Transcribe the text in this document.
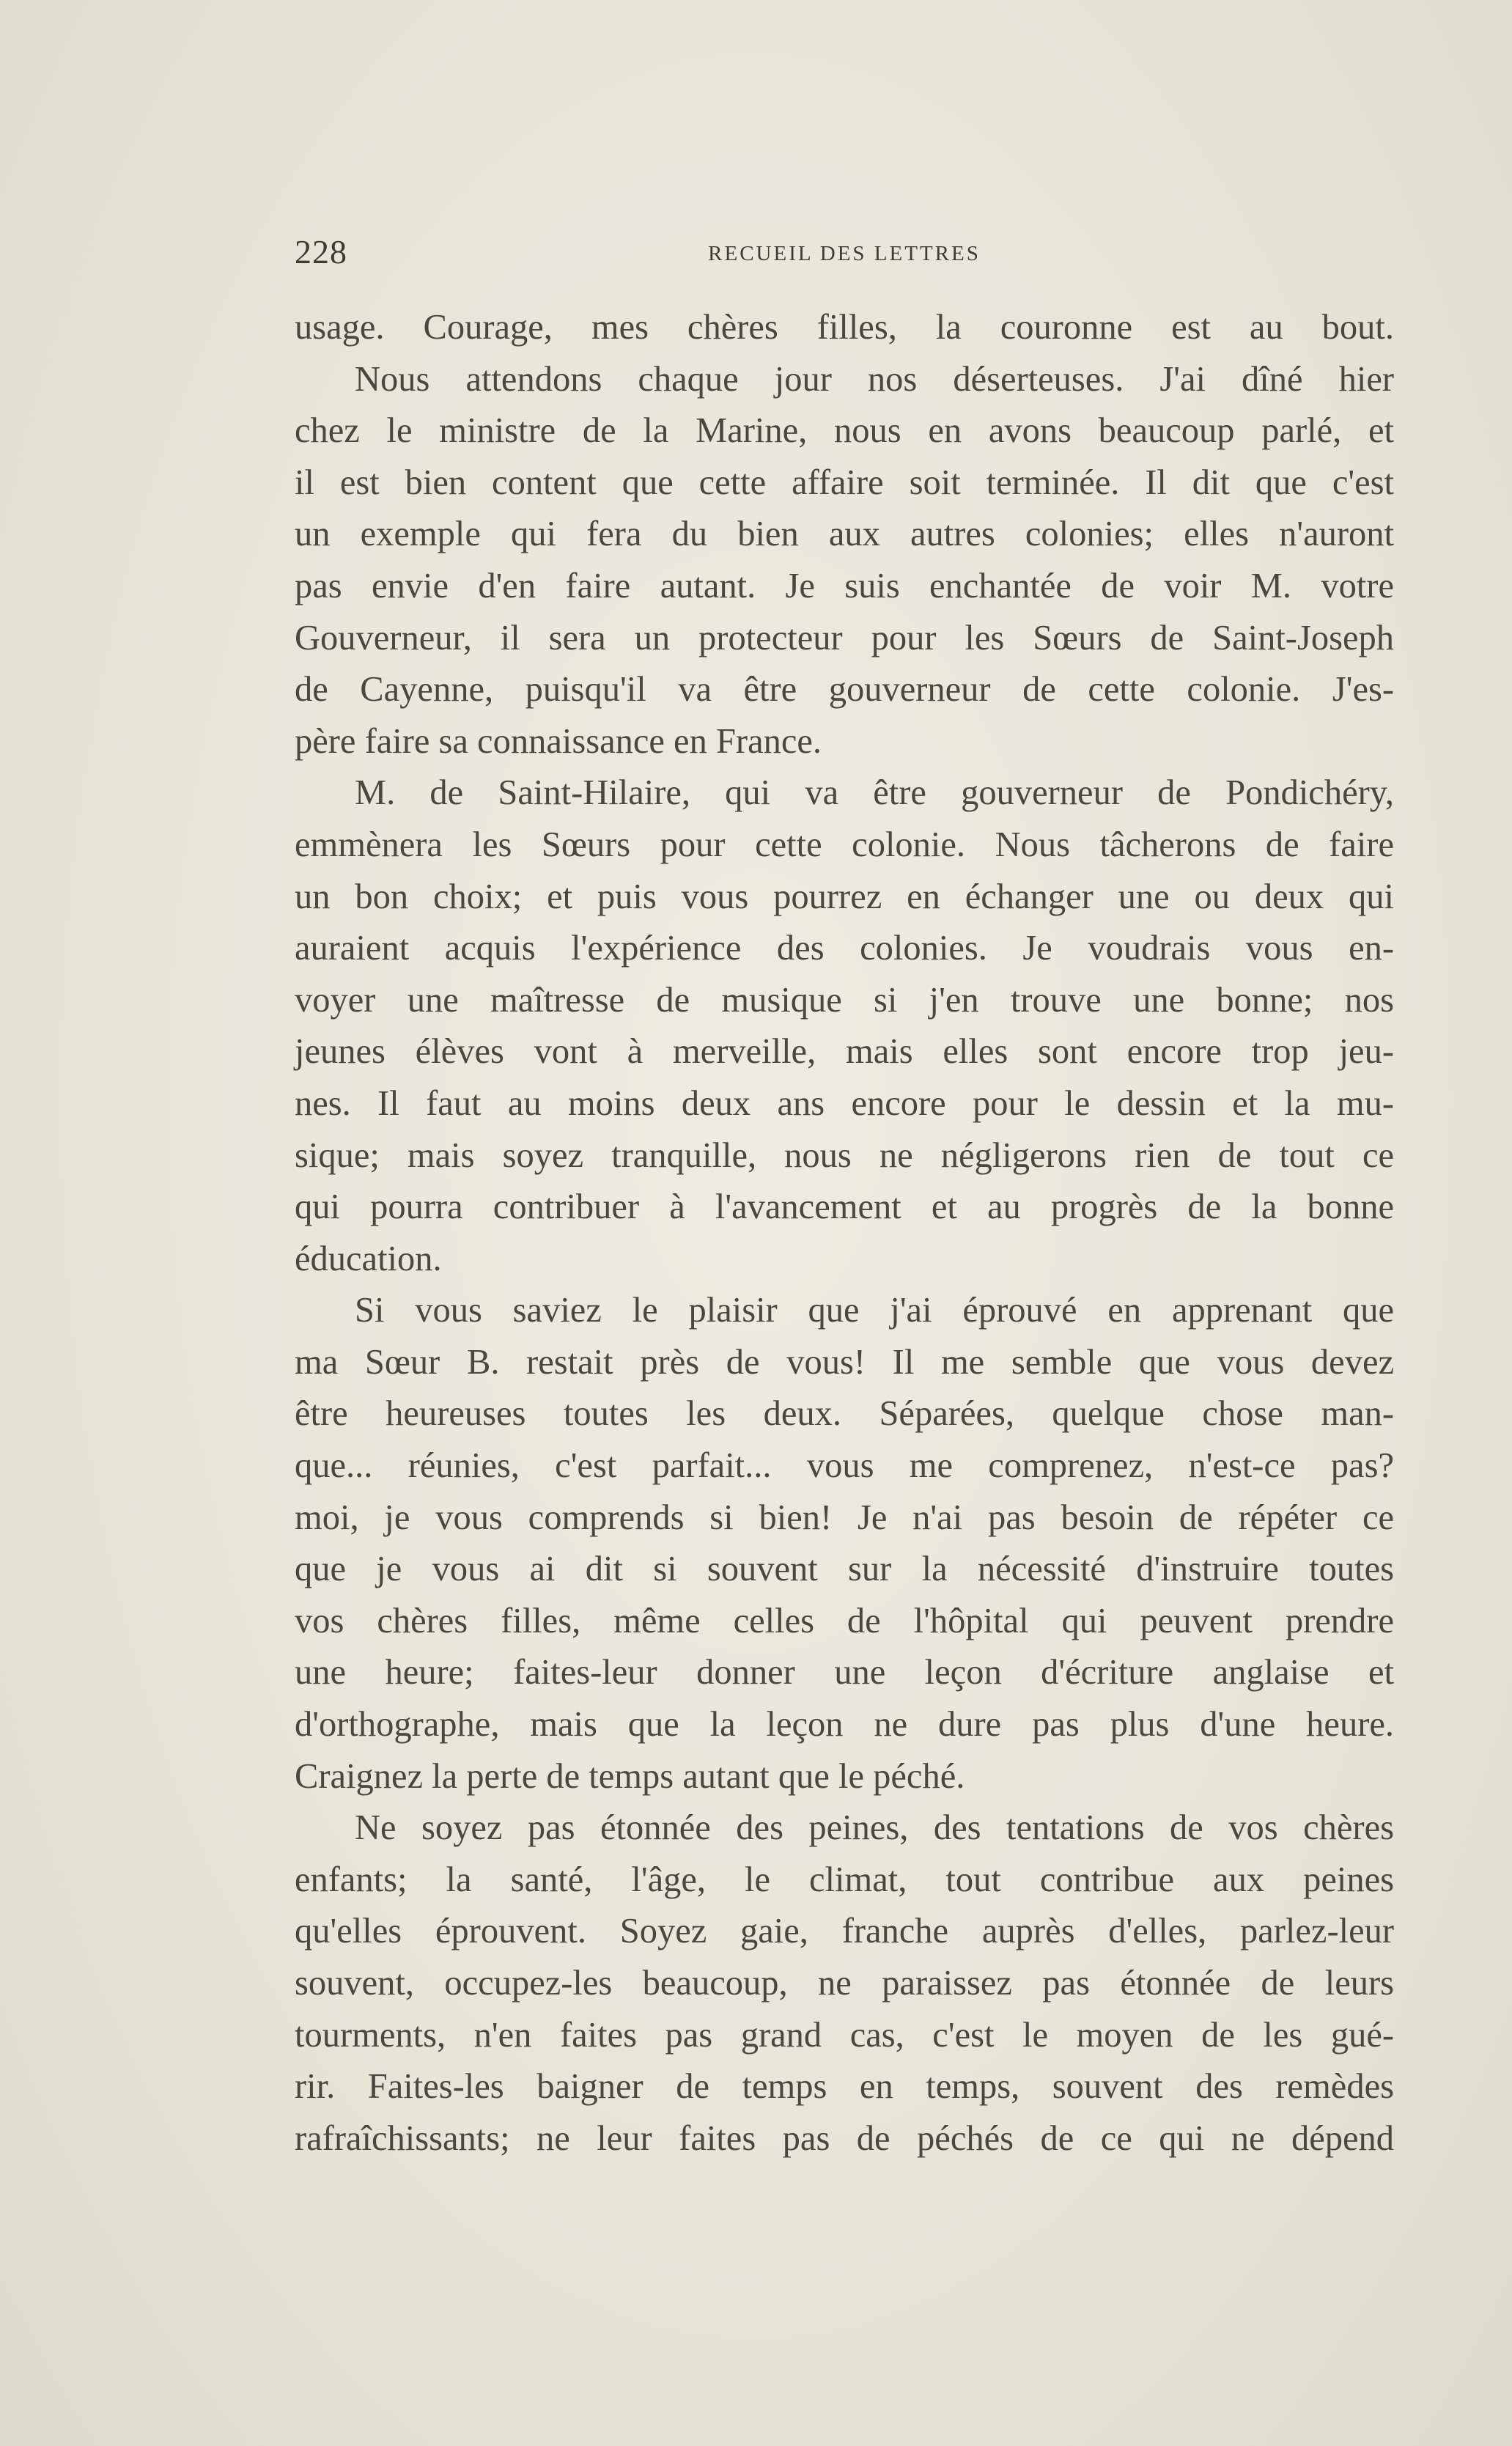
228	RECUEIL DES LETTRES
usage. Courage, mes chères filles, la couronne est au bout.
Nous attendons chaque jour nos déserteuses. J'ai dîné hier
chez le ministre de la Marine, nous en avons beaucoup parlé, et
il est bien content que cette affaire soit terminée. Il dit que c'est
un exemple qui fera du bien aux autres colonies; elles n'auront
pas envie d'en faire autant. Je suis enchantée de voir M. votre
Gouverneur, il sera un protecteur pour les Sœurs de Saint-Joseph
de Cayenne, puisqu'il va être gouverneur de cette colonie. J'es-
père faire sa connaissance en France.
M. de Saint-Hilaire, qui va être gouverneur de Pondichéry,
emmènera les Sœurs pour cette colonie. Nous tâcherons de faire
un bon choix; et puis vous pourrez en échanger une ou deux qui
auraient acquis l'expérience des colonies. Je voudrais vous en-
voyer une maîtresse de musique si j'en trouve une bonne; nos
jeunes élèves vont à merveille, mais elles sont encore trop jeu-
nes. Il faut au moins deux ans encore pour le dessin et la mu-
sique; mais soyez tranquille, nous ne négligerons rien de tout ce
qui pourra contribuer à l'avancement et au progrès de la bonne
éducation.
Si vous saviez le plaisir que j'ai éprouvé en apprenant que
ma Sœur B. restait près de vous! Il me semble que vous devez
être heureuses toutes les deux. Séparées, quelque chose man-
que... réunies, c'est parfait... vous me comprenez, n'est-ce pas?
moi, je vous comprends si bien! Je n'ai pas besoin de répéter ce
que je vous ai dit si souvent sur la nécessité d'instruire toutes
vos chères filles, même celles de l'hôpital qui peuvent prendre
une heure; faites-leur donner une leçon d'écriture anglaise et
d'orthographe, mais que la leçon ne dure pas plus d'une heure.
Craignez la perte de temps autant que le péché.
Ne soyez pas étonnée des peines, des tentations de vos chères
enfants; la santé, l'âge, le climat, tout contribue aux peines
qu'elles éprouvent. Soyez gaie, franche auprès d'elles, parlez-leur
souvent, occupez-les beaucoup, ne paraissez pas étonnée de leurs
tourments, n'en faites pas grand cas, c'est le moyen de les gué-
rir. Faites-les baigner de temps en temps, souvent des remèdes
rafraîchissants; ne leur faites pas de péchés de ce qui ne dépend
